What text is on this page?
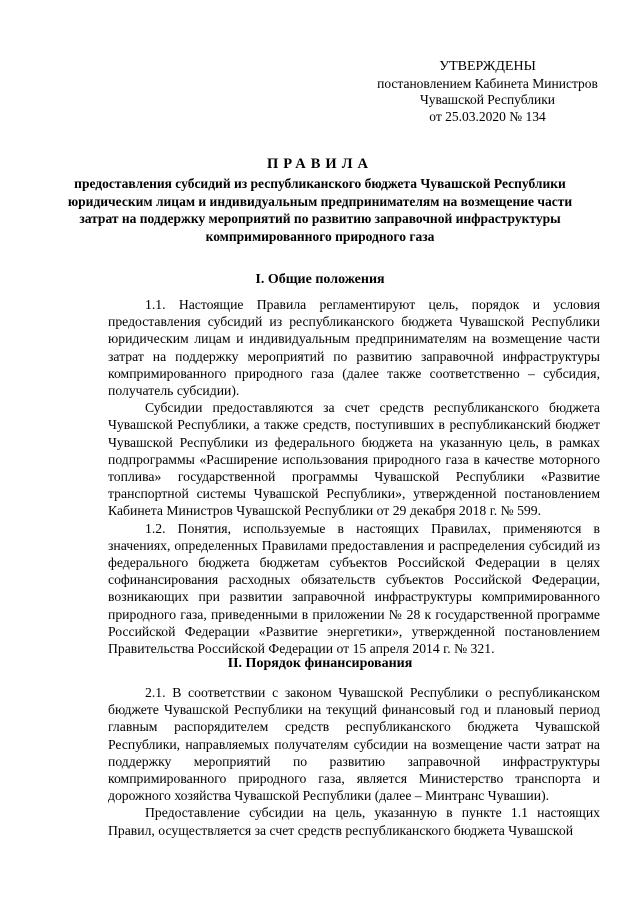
УТВЕРЖДЕНЫ
постановлением Кабинета Министров
Чувашской Республики
от 25.03.2020 № 134
ПРАВИЛА
предоставления субсидий из республиканского бюджета Чувашской Республики юридическим лицам и индивидуальным предпринимателям на возмещение части затрат на поддержку мероприятий по развитию заправочной инфраструктуры компримированного природного газа
I. Общие положения

1.1. Настоящие Правила регламентируют цель, порядок и условия предоставления субсидий из республиканского бюджета Чувашской Республики юридическим лицам и индивидуальным предпринимателям на возмещение части затрат на поддержку мероприятий по развитию заправочной инфраструктуры компримированного природного газа (далее также соответственно – субсидия, получатель субсидии).

Субсидии предоставляются за счет средств республиканского бюджета Чувашской Республики, а также средств, поступивших в республиканский бюджет Чувашской Республики из федерального бюджета на указанную цель, в рамках подпрограммы «Расширение использования природного газа в качестве моторного топлива» государственной программы Чувашской Республики «Развитие транспортной системы Чувашской Республики», утвержденной постановлением Кабинета Министров Чувашской Республики от 29 декабря 2018 г. № 599.

1.2. Понятия, используемые в настоящих Правилах, применяются в значениях, определенных Правилами предоставления и распределения субсидий из федерального бюджета бюджетам субъектов Российской Федерации в целях софинансирования расходных обязательств субъектов Российской Федерации, возникающих при развитии заправочной инфраструктуры компримированного природного газа, приведенными в приложении № 28 к государственной программе Российской Федерации «Развитие энергетики», утвержденной постановлением Правительства Российской Федерации от 15 апреля 2014 г. № 321.

II. Порядок финансирования

2.1. В соответствии с законом Чувашской Республики о республиканском бюджете Чувашской Республики на текущий финансовый год и плановый период главным распорядителем средств республиканского бюджета Чувашской Республики, направляемых получателям субсидии на возмещение части затрат на поддержку мероприятий по развитию заправочной инфраструктуры компримированного природного газа, является Министерство транспорта и дорожного хозяйства Чувашской Республики (далее – Минтранс Чувашии).

Предоставление субсидии на цель, указанную в пункте 1.1 настоящих Правил, осуществляется за счет средств республиканского бюджета Чувашской
